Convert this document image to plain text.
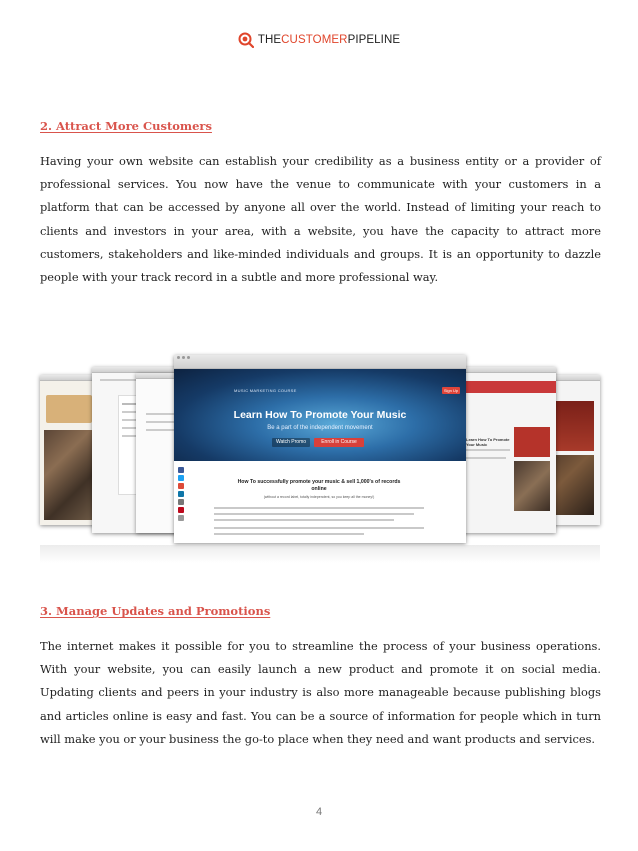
THECUSTOMERPIPELINE
2. Attract More Customers

Having your own website can establish your credibility as a business entity or a provider of professional services. You now have the venue to communicate with your customers in a platform that can be accessed by anyone all over the world. Instead of limiting your reach to clients and investors in your area, with a website, you have the capacity to attract more customers, stakeholders and like-minded individuals and groups. It is an opportunity to dazzle people with your track record in a subtle and more professional way.

Learn How To Promote Your Music
MUSIC MARKETING COURSE	Sign Up
Learn How To Promote Your Music
Be a part of the independent movement
Watch Promo	Enroll in Course
How To successfully promote your music & sell 1,000's of records online
(without a record label, totally independent, so you keep all the money!)
3. Manage Updates and Promotions

The internet makes it possible for you to streamline the process of your business operations. With your website, you can easily launch a new product and promote it on social media. Updating clients and peers in your industry is also more manageable because publishing blogs and articles online is easy and fast. You can be a source of information for people which in turn will make you or your business the go-to place when they need and want products and services.

4
